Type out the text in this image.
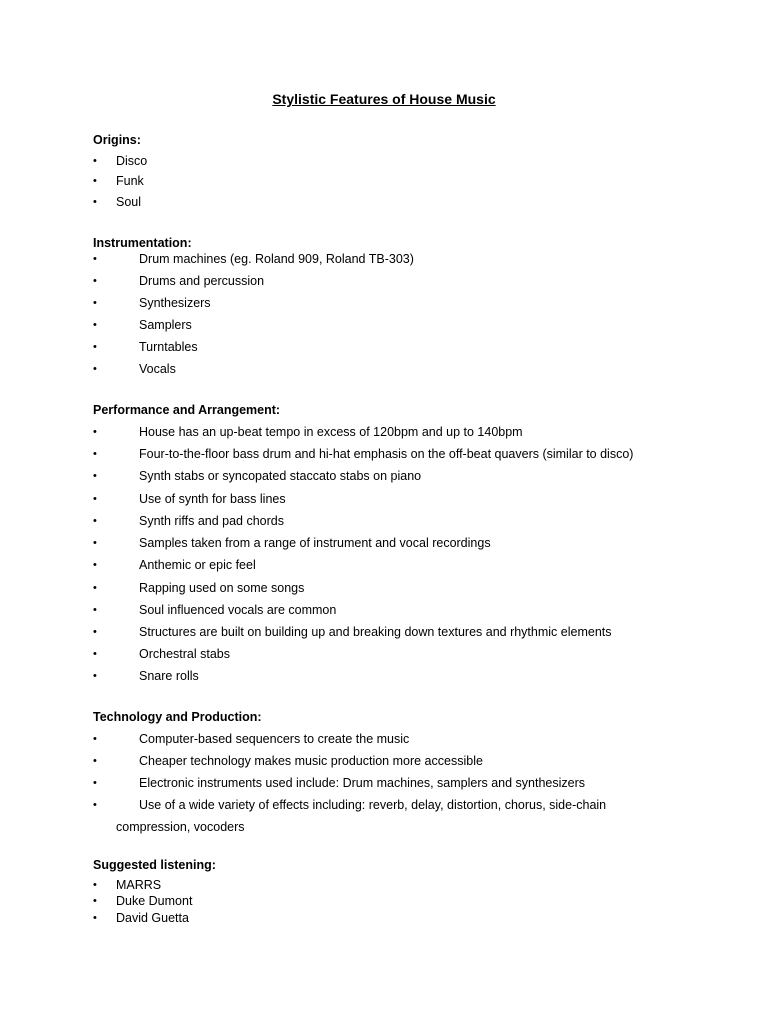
Stylistic Features of House Music
Origins:
• Disco
• Funk
• Soul
Instrumentation:
•	Drum machines (eg. Roland 909, Roland TB-303)
•	Drums and percussion
•	Synthesizers
•	Samplers
•	Turntables
•	Vocals
Performance and Arrangement:
•	House has an up-beat tempo in excess of 120bpm and up to 140bpm
•	Four-to-the-floor bass drum and hi-hat emphasis on the off-beat quavers (similar to disco)
•	Synth stabs or syncopated staccato stabs on piano
•	Use of synth for bass lines
•	Synth riffs and pad chords
•	Samples taken from a range of instrument and vocal recordings
•	Anthemic or epic feel
•	Rapping used on some songs
•	Soul influenced vocals are common
•	Structures are built on building up and breaking down textures and rhythmic elements
•	Orchestral stabs
•	Snare rolls
Technology and Production:
•	Computer-based sequencers to create the music
•	Cheaper technology makes music production more accessible
•	Electronic instruments used include: Drum machines, samplers and synthesizers
•	Use of a wide variety of effects including: reverb, delay, distortion, chorus, side-chain
compression, vocoders
Suggested listening:
• MARRS
• Duke Dumont
• David Guetta
